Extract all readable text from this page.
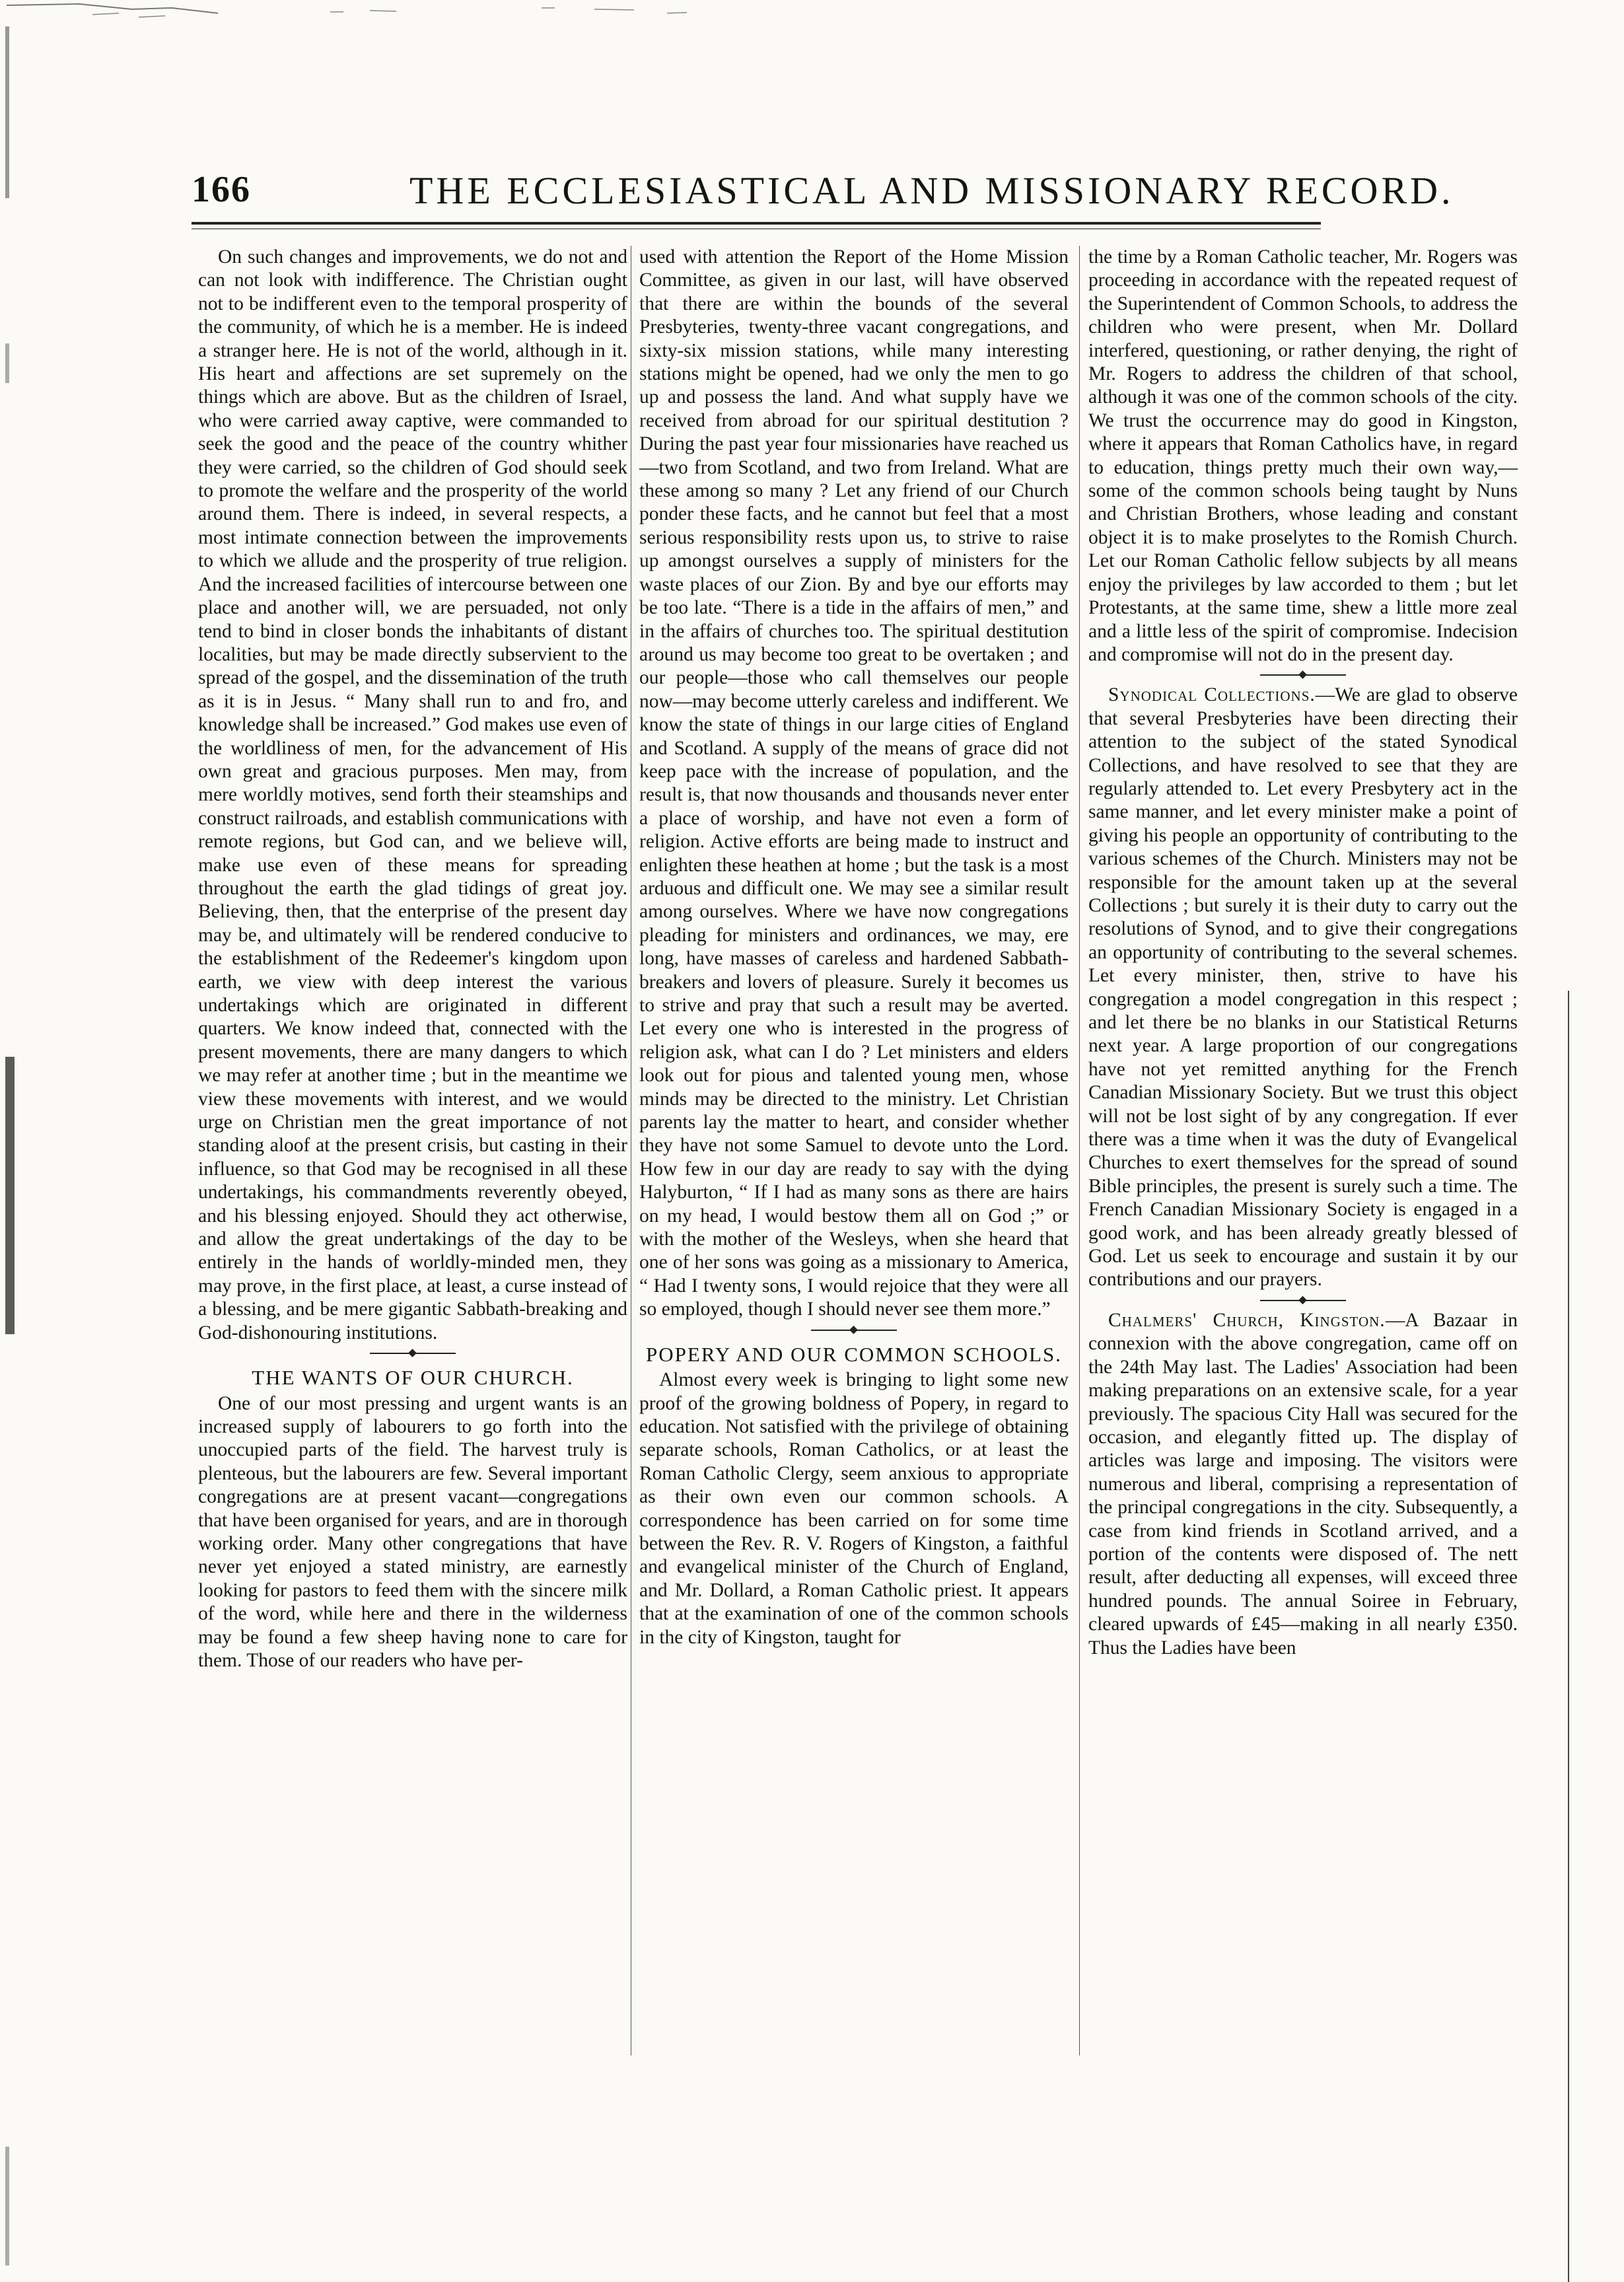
166	THE ECCLESIASTICAL AND MISSIONARY RECORD.

On such changes and improvements, we do not and can not look with indifference. The Christian ought not to be indifferent even to the temporal prosperity of the community, of which he is a member. He is indeed a stranger here. He is not of the world, although in it. His heart and affections are set supremely on the things which are above. But as the children of Israel, who were carried away captive, were commanded to seek the good and the peace of the country whither they were carried, so the children of God should seek to promote the welfare and the prosperity of the world around them. There is indeed, in several respects, a most intimate connection between the improvements to which we allude and the prosperity of true religion. And the increased facilities of intercourse between one place and another will, we are persuaded, not only tend to bind in closer bonds the inhabitants of distant localities, but may be made directly subservient to the spread of the gospel, and the dissemination of the truth as it is in Jesus. “ Many shall run to and fro, and knowledge shall be increased.” God makes use even of the worldliness of men, for the advancement of His own great and gracious purposes. Men may, from mere worldly motives, send forth their steamships and construct railroads, and establish communications with remote regions, but God can, and we believe will, make use even of these means for spreading throughout the earth the glad tidings of great joy. Believing, then, that the enterprise of the present day may be, and ultimately will be rendered conducive to the establishment of the Redeemer's kingdom upon earth, we view with deep interest the various undertakings which are originated in different quarters. We know indeed that, connected with the present movements, there are many dangers to which we may refer at another time ; but in the meantime we view these movements with interest, and we would urge on Christian men the great importance of not standing aloof at the present crisis, but casting in their influence, so that God may be recognised in all these undertakings, his commandments reverently obeyed, and his blessing enjoyed. Should they act otherwise, and allow the great undertakings of the day to be entirely in the hands of worldly-minded men, they may prove, in the first place, at least, a curse instead of a blessing, and be mere gigantic Sabbath-breaking and God-dishonouring institutions.

THE WANTS OF OUR CHURCH.

One of our most pressing and urgent wants is an increased supply of labourers to go forth into the unoccupied parts of the field. The harvest truly is plenteous, but the labourers are few. Several important congregations are at present vacant—congregations that have been organised for years, and are in thorough working order. Many other congregations that have never yet enjoyed a stated ministry, are earnestly looking for pastors to feed them with the sincere milk of the word, while here and there in the wilderness may be found a few sheep having none to care for them. Those of our readers who have per-

used with attention the Report of the Home Mission Committee, as given in our last, will have observed that there are within the bounds of the several Presbyteries, twenty-three vacant congregations, and sixty-six mission stations, while many interesting stations might be opened, had we only the men to go up and possess the land. And what supply have we received from abroad for our spiritual destitution ? During the past year four missionaries have reached us—two from Scotland, and two from Ireland. What are these among so many ? Let any friend of our Church ponder these facts, and he cannot but feel that a most serious responsibility rests upon us, to strive to raise up amongst ourselves a supply of ministers for the waste places of our Zion. By and bye our efforts may be too late. “There is a tide in the affairs of men,” and in the affairs of churches too. The spiritual destitution around us may become too great to be overtaken ; and our people—those who call themselves our people now—may become utterly careless and indifferent. We know the state of things in our large cities of England and Scotland. A supply of the means of grace did not keep pace with the increase of population, and the result is, that now thousands and thousands never enter a place of worship, and have not even a form of religion. Active efforts are being made to instruct and enlighten these heathen at home ; but the task is a most arduous and difficult one. We may see a similar result among ourselves. Where we have now congregations pleading for ministers and ordinances, we may, ere long, have masses of careless and hardened Sabbath-breakers and lovers of pleasure. Surely it becomes us to strive and pray that such a result may be averted. Let every one who is interested in the progress of religion ask, what can I do ? Let ministers and elders look out for pious and talented young men, whose minds may be directed to the ministry. Let Christian parents lay the matter to heart, and consider whether they have not some Samuel to devote unto the Lord. How few in our day are ready to say with the dying Halyburton, “ If I had as many sons as there are hairs on my head, I would bestow them all on God ;” or with the mother of the Wesleys, when she heard that one of her sons was going as a missionary to America, “ Had I twenty sons, I would rejoice that they were all so employed, though I should never see them more.”

POPERY AND OUR COMMON SCHOOLS.

Almost every week is bringing to light some new proof of the growing boldness of Popery, in regard to education. Not satisfied with the privilege of obtaining separate schools, Roman Catholics, or at least the Roman Catholic Clergy, seem anxious to appropriate as their own even our common schools. A correspondence has been carried on for some time between the Rev. R. V. Rogers of Kingston, a faithful and evangelical minister of the Church of England, and Mr. Dollard, a Roman Catholic priest. It appears that at the examination of one of the common schools in the city of Kingston, taught for

the time by a Roman Catholic teacher, Mr. Rogers was proceeding in accordance with the repeated request of the Superintendent of Common Schools, to address the children who were present, when Mr. Dollard interfered, questioning, or rather denying, the right of Mr. Rogers to address the children of that school, although it was one of the common schools of the city. We trust the occurrence may do good in Kingston, where it appears that Roman Catholics have, in regard to education, things pretty much their own way,—some of the common schools being taught by Nuns and Christian Brothers, whose leading and constant object it is to make proselytes to the Romish Church. Let our Roman Catholic fellow subjects by all means enjoy the privileges by law accorded to them ; but let Protestants, at the same time, shew a little more zeal and a little less of the spirit of compromise. Indecision and compromise will not do in the present day.

Synodical Collections.—We are glad to observe that several Presbyteries have been directing their attention to the subject of the stated Synodical Collections, and have resolved to see that they are regularly attended to. Let every Presbytery act in the same manner, and let every minister make a point of giving his people an opportunity of contributing to the various schemes of the Church. Ministers may not be responsible for the amount taken up at the several Collections ; but surely it is their duty to carry out the resolutions of Synod, and to give their congregations an opportunity of contributing to the several schemes. Let every minister, then, strive to have his congregation a model congregation in this respect ; and let there be no blanks in our Statistical Returns next year. A large proportion of our congregations have not yet remitted anything for the French Canadian Missionary Society. But we trust this object will not be lost sight of by any congregation. If ever there was a time when it was the duty of Evangelical Churches to exert themselves for the spread of sound Bible principles, the present is surely such a time. The French Canadian Missionary Society is engaged in a good work, and has been already greatly blessed of God. Let us seek to encourage and sustain it by our contributions and our prayers.

Chalmers' Church, Kingston.—A Bazaar in connexion with the above congregation, came off on the 24th May last. The Ladies' Association had been making preparations on an extensive scale, for a year previously. The spacious City Hall was secured for the occasion, and elegantly fitted up. The display of articles was large and imposing. The visitors were numerous and liberal, comprising a representation of the principal congregations in the city. Subsequently, a case from kind friends in Scotland arrived, and a portion of the contents were disposed of. The nett result, after deducting all expenses, will exceed three hundred pounds. The annual Soiree in February, cleared upwards of £45—making in all nearly £350. Thus the Ladies have been
